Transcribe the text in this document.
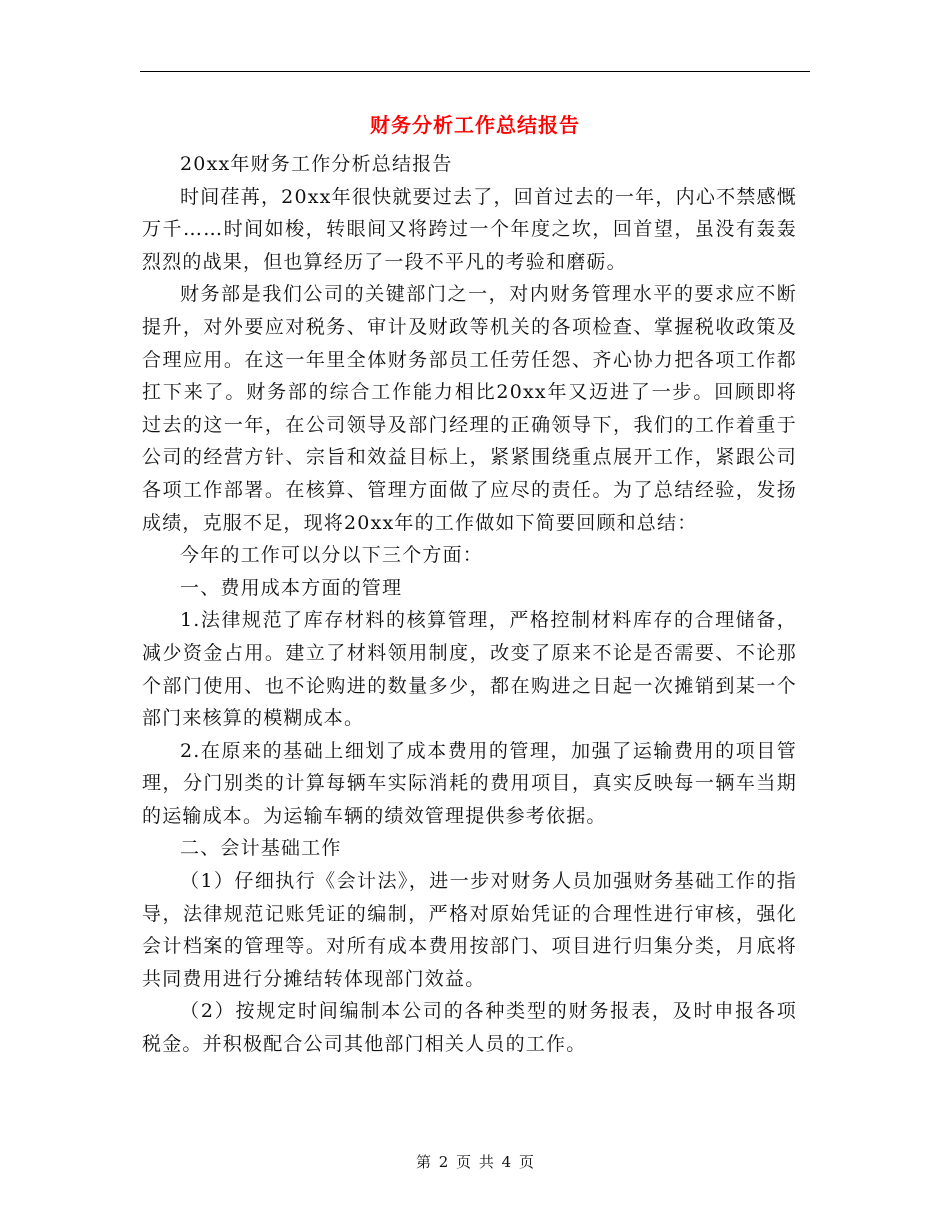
财务分析工作总结报告

20xx年财务工作分析总结报告

时间荏苒，20xx年很快就要过去了，回首过去的一年，内心不禁感慨万千……时间如梭，转眼间又将跨过一个年度之坎，回首望，虽没有轰轰烈烈的战果，但也算经历了一段不平凡的考验和磨砺。

财务部是我们公司的关键部门之一，对内财务管理水平的要求应不断提升，对外要应对税务、审计及财政等机关的各项检查、掌握税收政策及合理应用。在这一年里全体财务部员工任劳任怨、齐心协力把各项工作都扛下来了。财务部的综合工作能力相比20xx年又迈进了一步。回顾即将过去的这一年，在公司领导及部门经理的正确领导下，我们的工作着重于公司的经营方针、宗旨和效益目标上，紧紧围绕重点展开工作，紧跟公司各项工作部署。在核算、管理方面做了应尽的责任。为了总结经验，发扬成绩，克服不足，现将20xx年的工作做如下简要回顾和总结：

今年的工作可以分以下三个方面：

一、费用成本方面的管理

1.法律规范了库存材料的核算管理，严格控制材料库存的合理储备，减少资金占用。建立了材料领用制度，改变了原来不论是否需要、不论那个部门使用、也不论购进的数量多少，都在购进之日起一次摊销到某一个部门来核算的模糊成本。

2.在原来的基础上细划了成本费用的管理，加强了运输费用的项目管理，分门别类的计算每辆车实际消耗的费用项目，真实反映每一辆车当期的运输成本。为运输车辆的绩效管理提供参考依据。

二、会计基础工作

（1）仔细执行《会计法》，进一步对财务人员加强财务基础工作的指导，法律规范记账凭证的编制，严格对原始凭证的合理性进行审核，强化会计档案的管理等。对所有成本费用按部门、项目进行归集分类，月底将共同费用进行分摊结转体现部门效益。

（2）按规定时间编制本公司的各种类型的财务报表，及时申报各项税金。并积极配合公司其他部门相关人员的工作。

第 2 页 共 4 页
